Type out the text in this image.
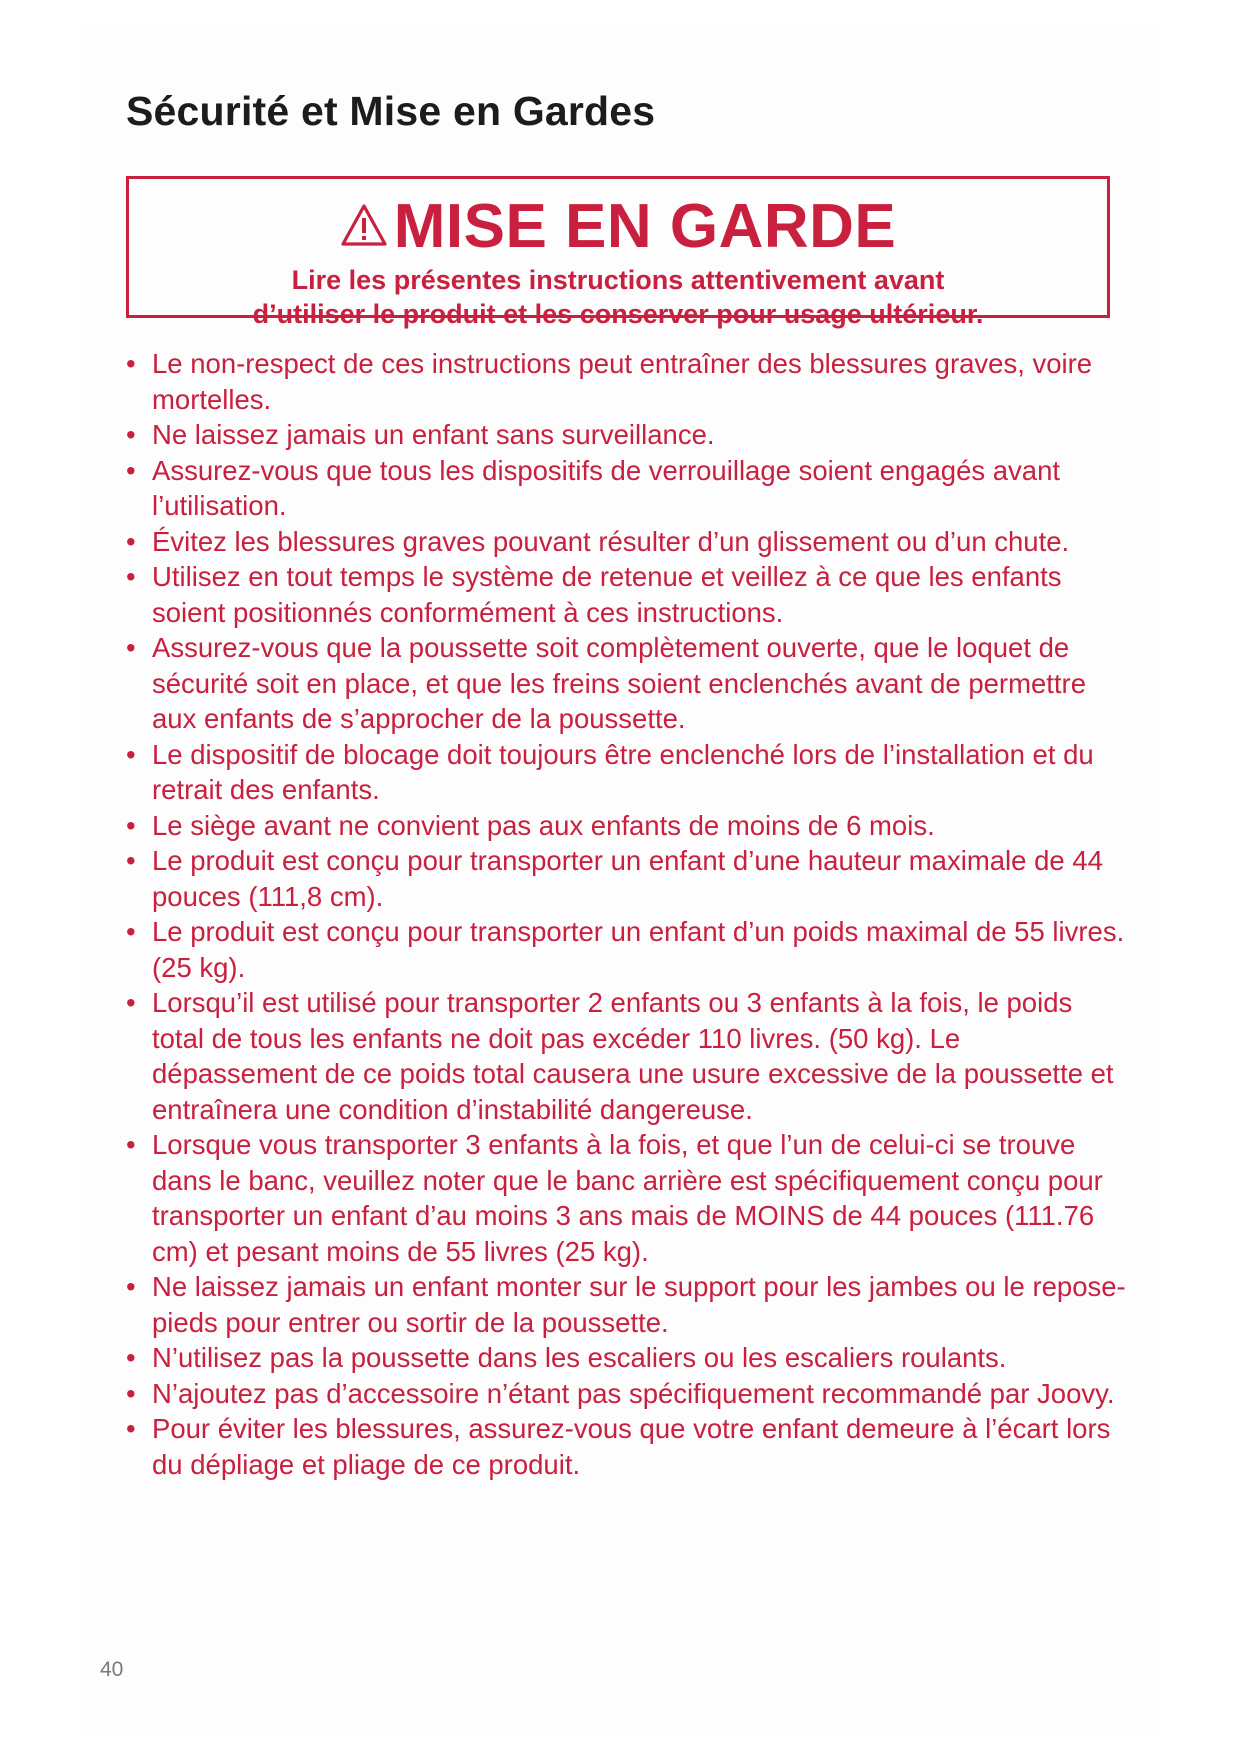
Sécurité et Mise en Gardes
MISE EN GARDE
Lire les présentes instructions attentivement avant
d’utiliser le produit et les conserver pour usage ultérieur.
• Le non-respect de ces instructions peut entraîner des blessures graves, voire mortelles.
• Ne laissez jamais un enfant sans surveillance.
• Assurez-vous que tous les dispositifs de verrouillage soient engagés avant l’utilisation.
• Évitez les blessures graves pouvant résulter d’un glissement ou d’un chute.
• Utilisez en tout temps le système de retenue et veillez à ce que les enfants soient positionnés conformément à ces instructions.
• Assurez-vous que la poussette soit complètement ouverte, que le loquet de sécurité soit en place, et que les freins soient enclenchés avant de permettre aux enfants de s’approcher de la poussette.
• Le dispositif de blocage doit toujours être enclenché lors de l’installation et du retrait des enfants.
• Le siège avant ne convient pas aux enfants de moins de 6 mois.
• Le produit est conçu pour transporter un enfant d’une hauteur maximale de 44 pouces (111,8 cm).
• Le produit est conçu pour transporter un enfant d’un poids maximal de 55 livres. (25 kg).
• Lorsqu’il est utilisé pour transporter 2 enfants ou 3 enfants à la fois, le poids total de tous les enfants ne doit pas excéder 110 livres. (50 kg). Le dépassement de ce poids total causera une usure excessive de la poussette et entraînera une condition d’instabilité dangereuse.
• Lorsque vous transporter 3 enfants à la fois, et que l’un de celui-ci se trouve dans le banc, veuillez noter que le banc arrière est spécifiquement conçu pour transporter un enfant d’au moins 3 ans mais de MOINS de 44 pouces (111.76 cm) et pesant moins de 55 livres (25 kg).
• Ne laissez jamais un enfant monter sur le support pour les jambes ou le repose-pieds pour entrer ou sortir de la poussette.
• N’utilisez pas la poussette dans les escaliers ou les escaliers roulants.
• N’ajoutez pas d’accessoire n’étant pas spécifiquement recommandé par Joovy.
• Pour éviter les blessures, assurez-vous que votre enfant demeure à l’écart lors du dépliage et pliage de ce produit.
40
